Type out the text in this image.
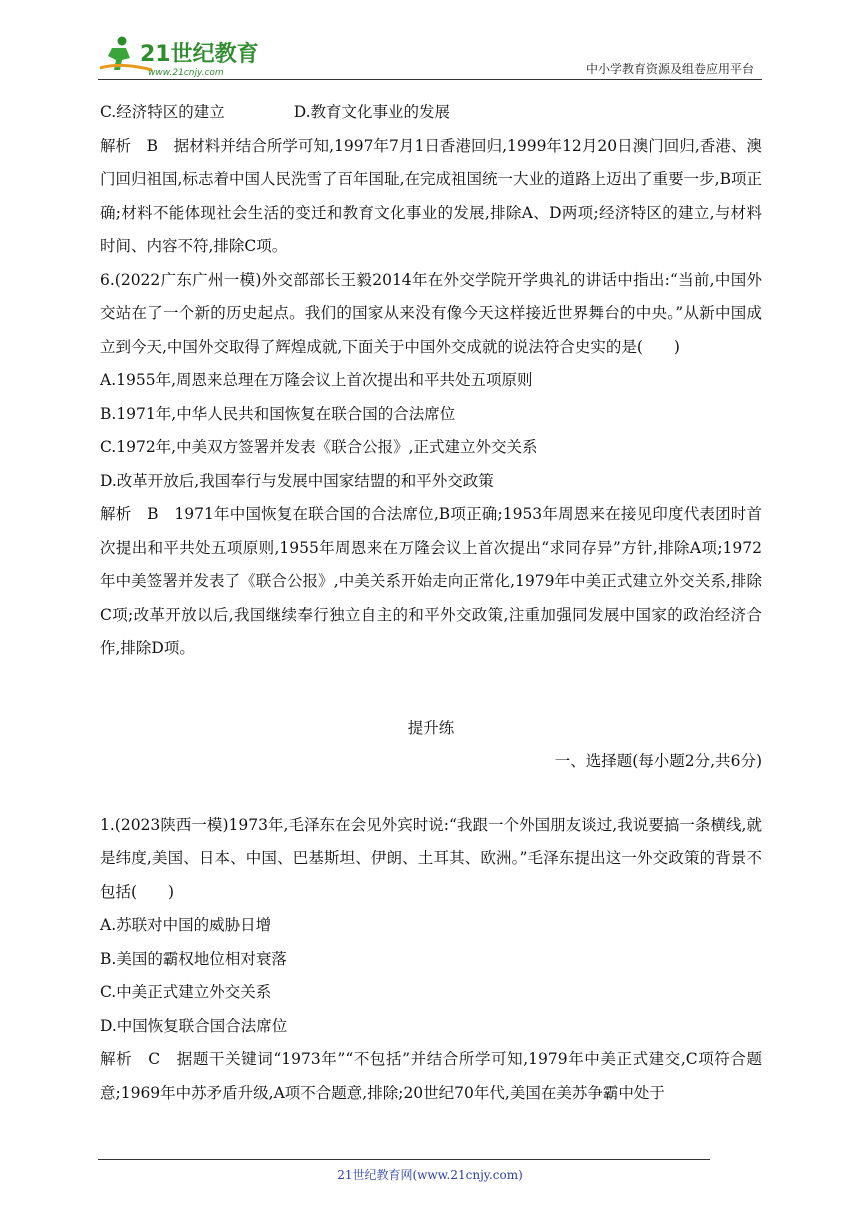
21世纪教育
www.21cnjy.com	中小学教育资源及组卷应用平台

C.经济特区的建立              D.教育文化事业的发展

解析　B　据材料并结合所学可知,1997年7月1日香港回归,1999年12月20日澳门回归,香港、澳门回归祖国,标志着中国人民洗雪了百年国耻,在完成祖国统一大业的道路上迈出了重要一步,B项正确;材料不能体现社会生活的变迁和教育文化事业的发展,排除A、D两项;经济特区的建立,与材料时间、内容不符,排除C项。

6.(2022广东广州一模)外交部部长王毅2014年在外交学院开学典礼的讲话中指出:“当前,中国外交站在了一个新的历史起点。我们的国家从来没有像今天这样接近世界舞台的中央。”从新中国成立到今天,中国外交取得了辉煌成就,下面关于中国外交成就的说法符合史实的是(　　)

A.1955年,周恩来总理在万隆会议上首次提出和平共处五项原则

B.1971年,中华人民共和国恢复在联合国的合法席位

C.1972年,中美双方签署并发表《联合公报》,正式建立外交关系

D.改革开放后,我国奉行与发展中国家结盟的和平外交政策

解析　B　1971年中国恢复在联合国的合法席位,B项正确;1953年周恩来在接见印度代表团时首次提出和平共处五项原则,1955年周恩来在万隆会议上首次提出“求同存异”方针,排除A项;1972年中美签署并发表了《联合公报》,中美关系开始走向正常化,1979年中美正式建立外交关系,排除C项;改革开放以后,我国继续奉行独立自主的和平外交政策,注重加强同发展中国家的政治经济合作,排除D项。

提升练
一、选择题(每小题2分,共6分)

1.(2023陕西一模)1973年,毛泽东在会见外宾时说:“我跟一个外国朋友谈过,我说要搞一条横线,就是纬度,美国、日本、中国、巴基斯坦、伊朗、土耳其、欧洲。”毛泽东提出这一外交政策的背景不包括(　　)

A.苏联对中国的威胁日增

B.美国的霸权地位相对衰落

C.中美正式建立外交关系

D.中国恢复联合国合法席位

解析　C　据题干关键词“1973年”“不包括”并结合所学可知,1979年中美正式建交,C项符合题意;1969年中苏矛盾升级,A项不合题意,排除;20世纪70年代,美国在美苏争霸中处于

21世纪教育网(www.21cnjy.com)
